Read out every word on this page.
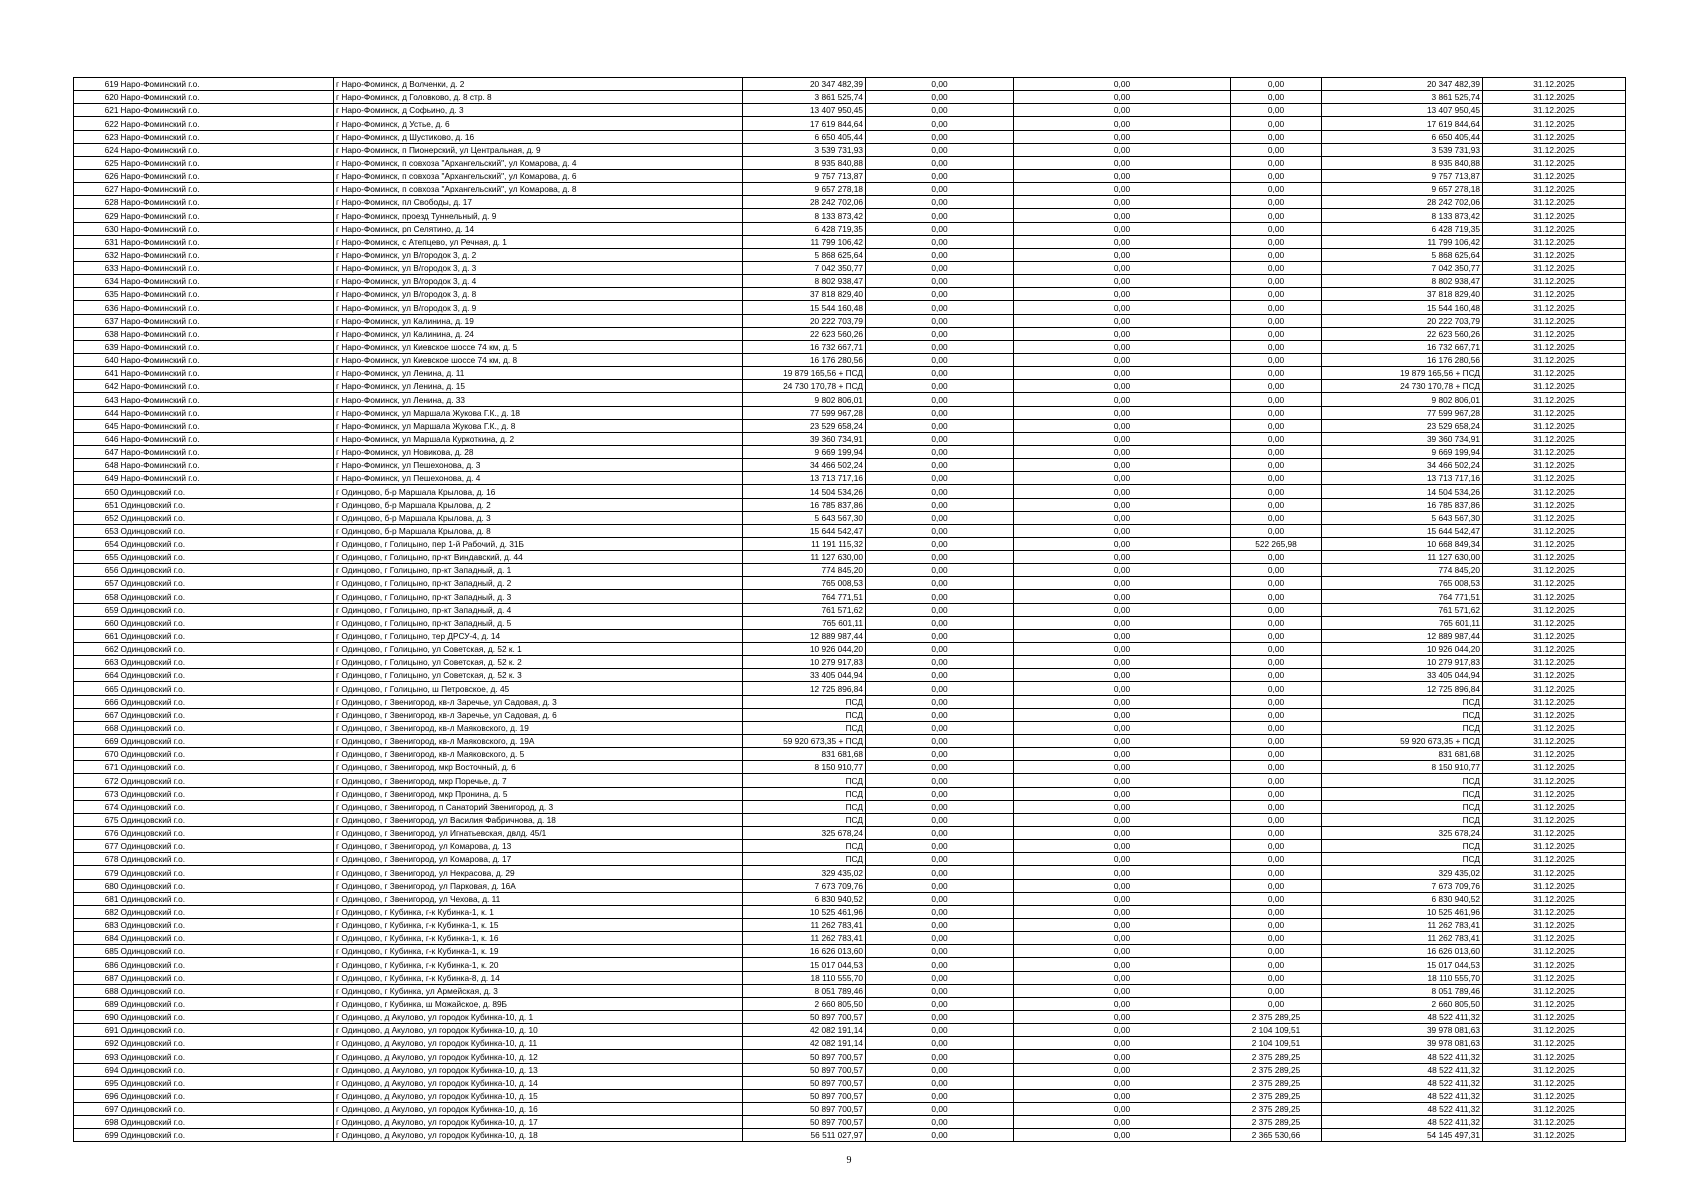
619	Наро-Фоминский г.о.	г Наро-Фоминск, д Волченки, д. 2	20 347 482,39	0,00	0,00	0,00	20 347 482,39	31.12.2025
620	Наро-Фоминский г.о.	г Наро-Фоминск, д Головково, д. 8 стр. 8	3 861 525,74	0,00	0,00	0,00	3 861 525,74	31.12.2025
621	Наро-Фоминский г.о.	г Наро-Фоминск, д Софьино, д. 3	13 407 950,45	0,00	0,00	0,00	13 407 950,45	31.12.2025
622	Наро-Фоминский г.о.	г Наро-Фоминск, д Устье, д. 6	17 619 844,64	0,00	0,00	0,00	17 619 844,64	31.12.2025
623	Наро-Фоминский г.о.	г Наро-Фоминск, д Шустиково, д. 16	6 650 405,44	0,00	0,00	0,00	6 650 405,44	31.12.2025
624	Наро-Фоминский г.о.	г Наро-Фоминск, п Пионерский, ул Центральная, д. 9	3 539 731,93	0,00	0,00	0,00	3 539 731,93	31.12.2025
625	Наро-Фоминский г.о.	г Наро-Фоминск, п совхоза "Архангельский", ул Комарова, д. 4	8 935 840,88	0,00	0,00	0,00	8 935 840,88	31.12.2025
626	Наро-Фоминский г.о.	г Наро-Фоминск, п совхоза "Архангельский", ул Комарова, д. 6	9 757 713,87	0,00	0,00	0,00	9 757 713,87	31.12.2025
627	Наро-Фоминский г.о.	г Наро-Фоминск, п совхоза "Архангельский", ул Комарова, д. 8	9 657 278,18	0,00	0,00	0,00	9 657 278,18	31.12.2025
628	Наро-Фоминский г.о.	г Наро-Фоминск, пл Свободы, д. 17	28 242 702,06	0,00	0,00	0,00	28 242 702,06	31.12.2025
629	Наро-Фоминский г.о.	г Наро-Фоминск, проезд Туннельный, д. 9	8 133 873,42	0,00	0,00	0,00	8 133 873,42	31.12.2025
630	Наро-Фоминский г.о.	г Наро-Фоминск, рп Селятино, д. 14	6 428 719,35	0,00	0,00	0,00	6 428 719,35	31.12.2025
631	Наро-Фоминский г.о.	г Наро-Фоминск, с Атепцево, ул Речная, д. 1	11 799 106,42	0,00	0,00	0,00	11 799 106,42	31.12.2025
632	Наро-Фоминский г.о.	г Наро-Фоминск, ул В/городок 3, д. 2	5 868 625,64	0,00	0,00	0,00	5 868 625,64	31.12.2025
633	Наро-Фоминский г.о.	г Наро-Фоминск, ул В/городок 3, д. 3	7 042 350,77	0,00	0,00	0,00	7 042 350,77	31.12.2025
634	Наро-Фоминский г.о.	г Наро-Фоминск, ул В/городок 3, д. 4	8 802 938,47	0,00	0,00	0,00	8 802 938,47	31.12.2025
635	Наро-Фоминский г.о.	г Наро-Фоминск, ул В/городок 3, д. 8	37 818 829,40	0,00	0,00	0,00	37 818 829,40	31.12.2025
636	Наро-Фоминский г.о.	г Наро-Фоминск, ул В/городок 3, д. 9	15 544 160,48	0,00	0,00	0,00	15 544 160,48	31.12.2025
637	Наро-Фоминский г.о.	г Наро-Фоминск, ул Калинина, д. 19	20 222 703,79	0,00	0,00	0,00	20 222 703,79	31.12.2025
638	Наро-Фоминский г.о.	г Наро-Фоминск, ул Калинина, д. 24	22 623 560,26	0,00	0,00	0,00	22 623 560,26	31.12.2025
639	Наро-Фоминский г.о.	г Наро-Фоминск, ул Киевское шоссе 74 км, д. 5	16 732 667,71	0,00	0,00	0,00	16 732 667,71	31.12.2025
640	Наро-Фоминский г.о.	г Наро-Фоминск, ул Киевское шоссе 74 км, д. 8	16 176 280,56	0,00	0,00	0,00	16 176 280,56	31.12.2025
641	Наро-Фоминский г.о.	г Наро-Фоминск, ул Ленина, д. 11	19 879 165,56 + ПСД	0,00	0,00	0,00	19 879 165,56 + ПСД	31.12.2025
642	Наро-Фоминский г.о.	г Наро-Фоминск, ул Ленина, д. 15	24 730 170,78 + ПСД	0,00	0,00	0,00	24 730 170,78 + ПСД	31.12.2025
643	Наро-Фоминский г.о.	г Наро-Фоминск, ул Ленина, д. 33	9 802 806,01	0,00	0,00	0,00	9 802 806,01	31.12.2025
644	Наро-Фоминский г.о.	г Наро-Фоминск, ул Маршала Жукова Г.К., д. 18	77 599 967,28	0,00	0,00	0,00	77 599 967,28	31.12.2025
645	Наро-Фоминский г.о.	г Наро-Фоминск, ул Маршала Жукова Г.К., д. 8	23 529 658,24	0,00	0,00	0,00	23 529 658,24	31.12.2025
646	Наро-Фоминский г.о.	г Наро-Фоминск, ул Маршала Куркоткина, д. 2	39 360 734,91	0,00	0,00	0,00	39 360 734,91	31.12.2025
647	Наро-Фоминский г.о.	г Наро-Фоминск, ул Новикова, д. 28	9 669 199,94	0,00	0,00	0,00	9 669 199,94	31.12.2025
648	Наро-Фоминский г.о.	г Наро-Фоминск, ул Пешехонова, д. 3	34 466 502,24	0,00	0,00	0,00	34 466 502,24	31.12.2025
649	Наро-Фоминский г.о.	г Наро-Фоминск, ул Пешехонова, д. 4	13 713 717,16	0,00	0,00	0,00	13 713 717,16	31.12.2025
650	Одинцовский г.о.	г Одинцово, б-р Маршала Крылова, д. 16	14 504 534,26	0,00	0,00	0,00	14 504 534,26	31.12.2025
651	Одинцовский г.о.	г Одинцово, б-р Маршала Крылова, д. 2	16 785 837,86	0,00	0,00	0,00	16 785 837,86	31.12.2025
652	Одинцовский г.о.	г Одинцово, б-р Маршала Крылова, д. 3	5 643 567,30	0,00	0,00	0,00	5 643 567,30	31.12.2025
653	Одинцовский г.о.	г Одинцово, б-р Маршала Крылова, д. 8	15 644 542,47	0,00	0,00	0,00	15 644 542,47	31.12.2025
654	Одинцовский г.о.	г Одинцово, г Голицыно, пер 1-й Рабочий, д. 31Б	11 191 115,32	0,00	0,00	522 265,98	10 668 849,34	31.12.2025
655	Одинцовский г.о.	г Одинцово, г Голицыно, пр-кт Виндавский, д. 44	11 127 630,00	0,00	0,00	0,00	11 127 630,00	31.12.2025
656	Одинцовский г.о.	г Одинцово, г Голицыно, пр-кт Западный, д. 1	774 845,20	0,00	0,00	0,00	774 845,20	31.12.2025
657	Одинцовский г.о.	г Одинцово, г Голицыно, пр-кт Западный, д. 2	765 008,53	0,00	0,00	0,00	765 008,53	31.12.2025
658	Одинцовский г.о.	г Одинцово, г Голицыно, пр-кт Западный, д. 3	764 771,51	0,00	0,00	0,00	764 771,51	31.12.2025
659	Одинцовский г.о.	г Одинцово, г Голицыно, пр-кт Западный, д. 4	761 571,62	0,00	0,00	0,00	761 571,62	31.12.2025
660	Одинцовский г.о.	г Одинцово, г Голицыно, пр-кт Западный, д. 5	765 601,11	0,00	0,00	0,00	765 601,11	31.12.2025
661	Одинцовский г.о.	г Одинцово, г Голицыно, тер ДРСУ-4, д. 14	12 889 987,44	0,00	0,00	0,00	12 889 987,44	31.12.2025
662	Одинцовский г.о.	г Одинцово, г Голицыно, ул Советская, д. 52 к. 1	10 926 044,20	0,00	0,00	0,00	10 926 044,20	31.12.2025
663	Одинцовский г.о.	г Одинцово, г Голицыно, ул Советская, д. 52 к. 2	10 279 917,83	0,00	0,00	0,00	10 279 917,83	31.12.2025
664	Одинцовский г.о.	г Одинцово, г Голицыно, ул Советская, д. 52 к. 3	33 405 044,94	0,00	0,00	0,00	33 405 044,94	31.12.2025
665	Одинцовский г.о.	г Одинцово, г Голицыно, ш Петровское, д. 45	12 725 896,84	0,00	0,00	0,00	12 725 896,84	31.12.2025
666	Одинцовский г.о.	г Одинцово, г Звенигород, кв-л Заречье, ул Садовая, д. 3	ПСД	0,00	0,00	0,00	ПСД	31.12.2025
667	Одинцовский г.о.	г Одинцово, г Звенигород, кв-л Заречье, ул Садовая, д. 6	ПСД	0,00	0,00	0,00	ПСД	31.12.2025
668	Одинцовский г.о.	г Одинцово, г Звенигород, кв-л Маяковского, д. 19	ПСД	0,00	0,00	0,00	ПСД	31.12.2025
669	Одинцовский г.о.	г Одинцово, г Звенигород, кв-л Маяковского, д. 19А	59 920 673,35 + ПСД	0,00	0,00	0,00	59 920 673,35 + ПСД	31.12.2025
670	Одинцовский г.о.	г Одинцово, г Звенигород, кв-л Маяковского, д. 5	831 681,68	0,00	0,00	0,00	831 681,68	31.12.2025
671	Одинцовский г.о.	г Одинцово, г Звенигород, мкр Восточный, д. 6	8 150 910,77	0,00	0,00	0,00	8 150 910,77	31.12.2025
672	Одинцовский г.о.	г Одинцово, г Звенигород, мкр Поречье, д. 7	ПСД	0,00	0,00	0,00	ПСД	31.12.2025
673	Одинцовский г.о.	г Одинцово, г Звенигород, мкр Пронина, д. 5	ПСД	0,00	0,00	0,00	ПСД	31.12.2025
674	Одинцовский г.о.	г Одинцово, г Звенигород, п Санаторий Звенигород, д. 3	ПСД	0,00	0,00	0,00	ПСД	31.12.2025
675	Одинцовский г.о.	г Одинцово, г Звенигород, ул Василия Фабричнова, д. 18	ПСД	0,00	0,00	0,00	ПСД	31.12.2025
676	Одинцовский г.о.	г Одинцово, г Звенигород, ул Игнатьевская, двлд. 45/1	325 678,24	0,00	0,00	0,00	325 678,24	31.12.2025
677	Одинцовский г.о.	г Одинцово, г Звенигород, ул Комарова, д. 13	ПСД	0,00	0,00	0,00	ПСД	31.12.2025
678	Одинцовский г.о.	г Одинцово, г Звенигород, ул Комарова, д. 17	ПСД	0,00	0,00	0,00	ПСД	31.12.2025
679	Одинцовский г.о.	г Одинцово, г Звенигород, ул Некрасова, д. 29	329 435,02	0,00	0,00	0,00	329 435,02	31.12.2025
680	Одинцовский г.о.	г Одинцово, г Звенигород, ул Парковая, д. 16А	7 673 709,76	0,00	0,00	0,00	7 673 709,76	31.12.2025
681	Одинцовский г.о.	г Одинцово, г Звенигород, ул Чехова, д. 11	6 830 940,52	0,00	0,00	0,00	6 830 940,52	31.12.2025
682	Одинцовский г.о.	г Одинцово, г Кубинка, г-к Кубинка-1, к. 1	10 525 461,96	0,00	0,00	0,00	10 525 461,96	31.12.2025
683	Одинцовский г.о.	г Одинцово, г Кубинка, г-к Кубинка-1, к. 15	11 262 783,41	0,00	0,00	0,00	11 262 783,41	31.12.2025
684	Одинцовский г.о.	г Одинцово, г Кубинка, г-к Кубинка-1, к. 16	11 262 783,41	0,00	0,00	0,00	11 262 783,41	31.12.2025
685	Одинцовский г.о.	г Одинцово, г Кубинка, г-к Кубинка-1, к. 19	16 626 013,60	0,00	0,00	0,00	16 626 013,60	31.12.2025
686	Одинцовский г.о.	г Одинцово, г Кубинка, г-к Кубинка-1, к. 20	15 017 044,53	0,00	0,00	0,00	15 017 044,53	31.12.2025
687	Одинцовский г.о.	г Одинцово, г Кубинка, г-к Кубинка-8, д. 14	18 110 555,70	0,00	0,00	0,00	18 110 555,70	31.12.2025
688	Одинцовский г.о.	г Одинцово, г Кубинка, ул Армейская, д. 3	8 051 789,46	0,00	0,00	0,00	8 051 789,46	31.12.2025
689	Одинцовский г.о.	г Одинцово, г Кубинка, ш Можайское, д. 89Б	2 660 805,50	0,00	0,00	0,00	2 660 805,50	31.12.2025
690	Одинцовский г.о.	г Одинцово, д Акулово, ул городок Кубинка-10, д. 1	50 897 700,57	0,00	0,00	2 375 289,25	48 522 411,32	31.12.2025
691	Одинцовский г.о.	г Одинцово, д Акулово, ул городок Кубинка-10, д. 10	42 082 191,14	0,00	0,00	2 104 109,51	39 978 081,63	31.12.2025
692	Одинцовский г.о.	г Одинцово, д Акулово, ул городок Кубинка-10, д. 11	42 082 191,14	0,00	0,00	2 104 109,51	39 978 081,63	31.12.2025
693	Одинцовский г.о.	г Одинцово, д Акулово, ул городок Кубинка-10, д. 12	50 897 700,57	0,00	0,00	2 375 289,25	48 522 411,32	31.12.2025
694	Одинцовский г.о.	г Одинцово, д Акулово, ул городок Кубинка-10, д. 13	50 897 700,57	0,00	0,00	2 375 289,25	48 522 411,32	31.12.2025
695	Одинцовский г.о.	г Одинцово, д Акулово, ул городок Кубинка-10, д. 14	50 897 700,57	0,00	0,00	2 375 289,25	48 522 411,32	31.12.2025
696	Одинцовский г.о.	г Одинцово, д Акулово, ул городок Кубинка-10, д. 15	50 897 700,57	0,00	0,00	2 375 289,25	48 522 411,32	31.12.2025
697	Одинцовский г.о.	г Одинцово, д Акулово, ул городок Кубинка-10, д. 16	50 897 700,57	0,00	0,00	2 375 289,25	48 522 411,32	31.12.2025
698	Одинцовский г.о.	г Одинцово, д Акулово, ул городок Кубинка-10, д. 17	50 897 700,57	0,00	0,00	2 375 289,25	48 522 411,32	31.12.2025
699	Одинцовский г.о.	г Одинцово, д Акулово, ул городок Кубинка-10, д. 18	56 511 027,97	0,00	0,00	2 365 530,66	54 145 497,31	31.12.2025
9
